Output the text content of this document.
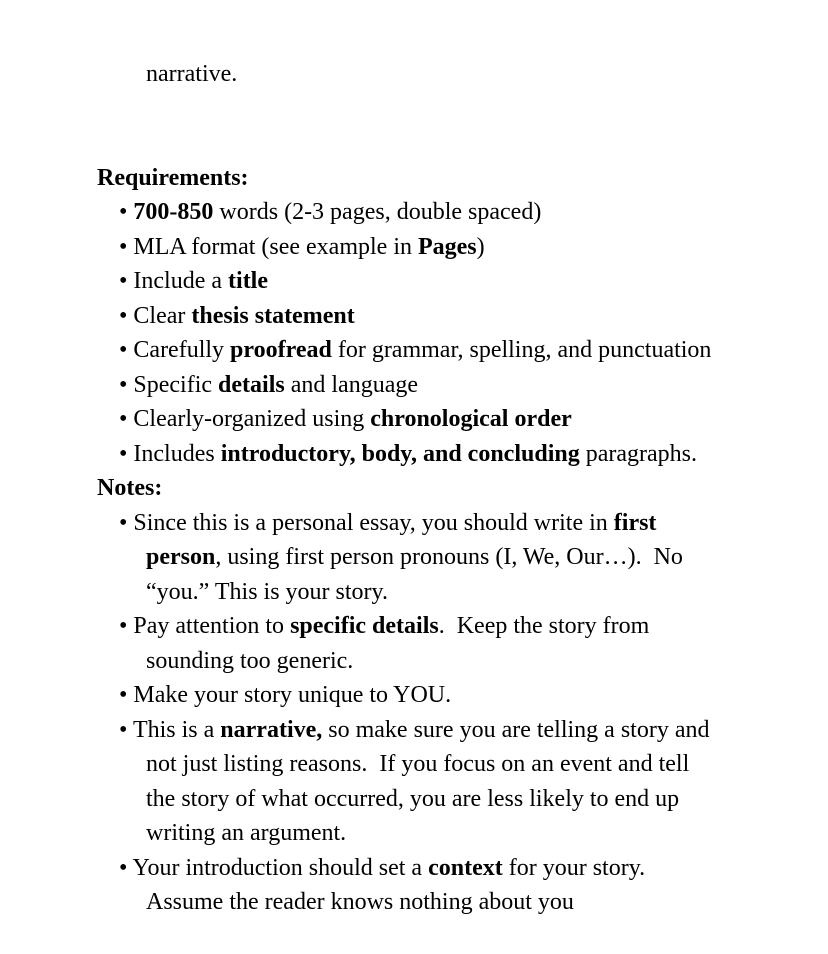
narrative.

Requirements:
• 700-850 words (2-3 pages, double spaced)
• MLA format (see example in Pages)
• Include a title
• Clear thesis statement
• Carefully proofread for grammar, spelling, and punctuation
• Specific details and language
• Clearly-organized using chronological order
• Includes introductory, body, and concluding paragraphs.
Notes:
• Since this is a personal essay, you should write in first person, using first person pronouns (I, We, Our…).  No “you.” This is your story.
• Pay attention to specific details.  Keep the story from sounding too generic.
• Make your story unique to YOU.
• This is a narrative, so make sure you are telling a story and not just listing reasons.  If you focus on an event and tell the story of what occurred, you are less likely to end up writing an argument.
• Your introduction should set a context for your story. Assume the reader knows nothing about you
